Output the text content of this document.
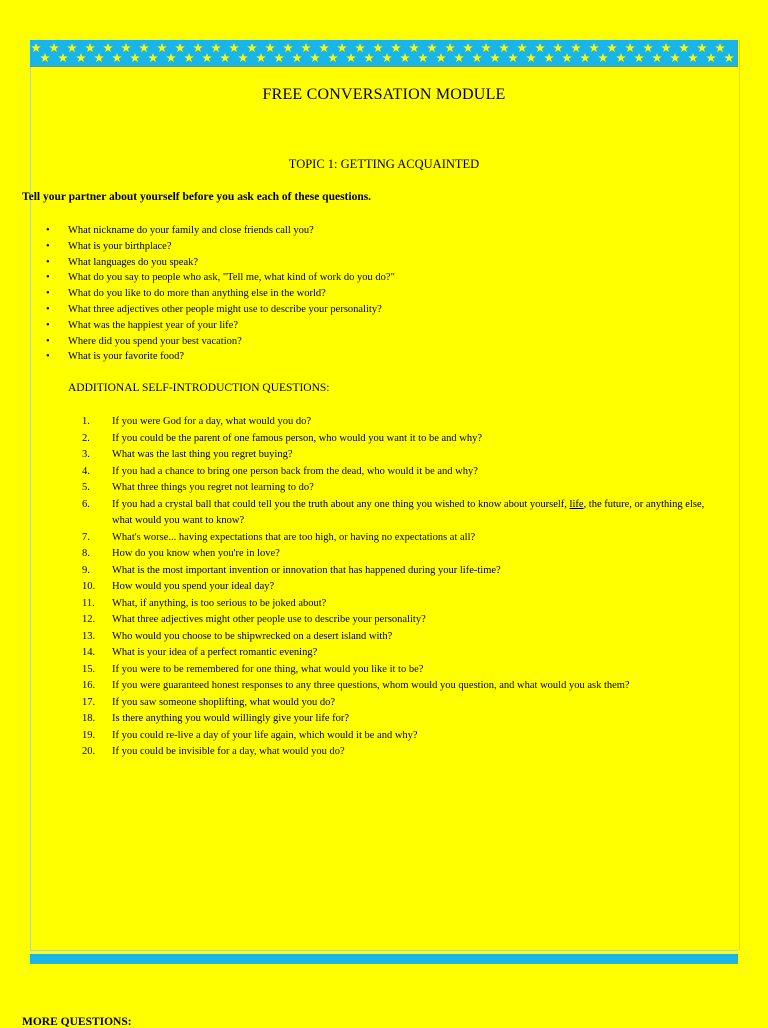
FREE CONVERSATION MODULE
TOPIC 1: GETTING ACQUAINTED
Tell your partner about yourself before you ask each of these questions.
• What nickname do your family and close friends call you?
• What is your birthplace?
• What languages do you speak?
• What do you say to people who ask, "Tell me, what kind of work do you do?"
• What do you like to do more than anything else in the world?
• What three adjectives other people might use to describe your personality?
• What was the happiest year of your life?
• Where did you spend your best vacation?
• What is your favorite food?
ADDITIONAL SELF-INTRODUCTION QUESTIONS:
1.	If you were God for a day, what would you do?
2.	If you could be the parent of one famous person, who would you want it to be and why?
3.	What was the last thing you regret buying?
4.	If you had a chance to bring one person back from the dead, who would it be and why?
5.	What three things you regret not learning to do?
6.	If you had a crystal ball that could tell you the truth about any one thing you wished to know about yourself, life, the future, or anything else, what would you want to know?
7.	What's worse... having expectations that are too high, or having no expectations at all?
8.	How do you know when you're in love?
9.	What is the most important invention or innovation that has happened during your life-time?
10.	How would you spend your ideal day?
11.	What, if anything, is too serious to be joked about?
12.	What three adjectives might other people use to describe your personality?
13.	Who would you choose to be shipwrecked on a desert island with?
14.	What is your idea of a perfect romantic evening?
15.	If you were to be remembered for one thing, what would you like it to be?
16.	If you were guaranteed honest responses to any three questions, whom would you question, and what would you ask them?
17.	If you saw someone shoplifting, what would you do?
18.	Is there anything you would willingly give your life for?
19.	If you could re-live a day of your life again, which would it be and why?
20.	If you could be invisible for a day, what would you do?
MORE QUESTIONS:
